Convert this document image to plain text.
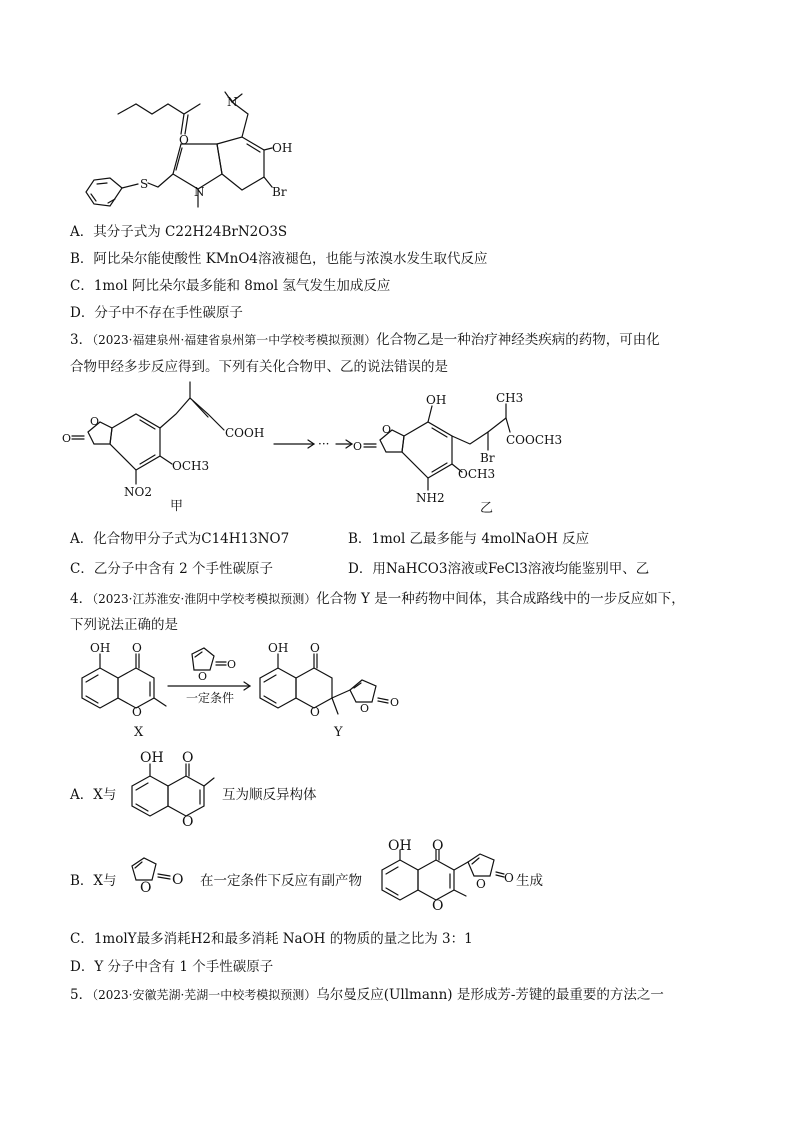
O
N
OH
Br
S
N
A．其分子式为 C22H24BrN2O3S
B．阿比朵尔能使酸性 KMnO4溶液褪色，也能与浓溴水发生取代反应
C．1mol 阿比朵尔最多能和 8mol 氢气发生加成反应
D．分子中不存在手性碳原子
3．（2023·福建泉州·福建省泉州第一中学校考模拟预测）化合物乙是一种治疗神经类疾病的药物，可由化
合物甲经多步反应得到。下列有关化合物甲、乙的说法错误的是
O
O	COOH
OCH3
NO2
甲
···
OH	CH3
O
O
Br
COOCH3
OCH3
NH2
乙
A．化合物甲分子式为C14H13NO7	B．1mol 乙最多能与 4molNaOH 反应
C．乙分子中含有 2 个手性碳原子	D．用NaHCO3溶液或FeCl3溶液均能鉴别甲、乙
4．（2023·江苏淮安·淮阴中学校考模拟预测）化合物 Y 是一种药物中间体，其合成路线中的一步反应如下，
下列说法正确的是
OH O
O
X
O
O
一定条件
OH O
O	O O
Y
A．X与
OH O
O
互为顺反异构体
B．X与 O O 在一定条件下反应有副产物
OH O
O
O O 生成
C．1molY最多消耗H2和最多消耗 NaOH 的物质的量之比为 3：1
D．Y 分子中含有 1 个手性碳原子
5．（2023·安徽芜湖·芜湖一中校考模拟预测）乌尔曼反应(Ullmann) 是形成芳-芳键的最重要的方法之一
